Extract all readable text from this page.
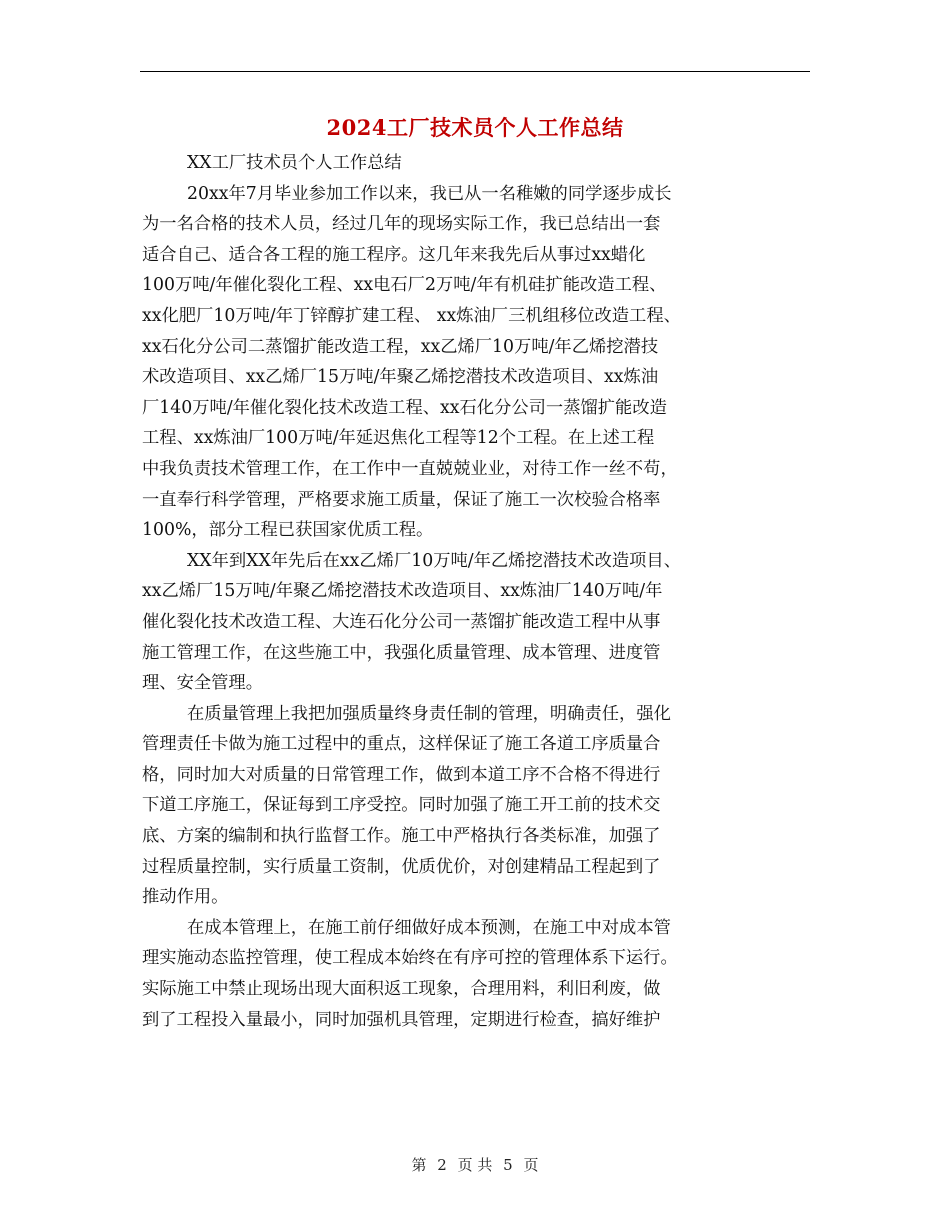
2024工厂技术员个人工作总结
XX工厂技术员个人工作总结
20xx年7月毕业参加工作以来，我已从一名稚嫩的同学逐步成长
为一名合格的技术人员，经过几年的现场实际工作，我已总结出一套
适合自己、适合各工程的施工程序。这几年来我先后从事过xx蜡化
100万吨/年催化裂化工程、xx电石厂2万吨/年有机硅扩能改造工程、
xx化肥厂10万吨/年丁锌醇扩建工程、 xx炼油厂三机组移位改造工程、
xx石化分公司二蒸馏扩能改造工程，xx乙烯厂10万吨/年乙烯挖潜技
术改造项目、xx乙烯厂15万吨/年聚乙烯挖潜技术改造项目、xx炼油
厂140万吨/年催化裂化技术改造工程、xx石化分公司一蒸馏扩能改造
工程、xx炼油厂100万吨/年延迟焦化工程等12个工程。在上述工程
中我负责技术管理工作，在工作中一直兢兢业业，对待工作一丝不苟，
一直奉行科学管理，严格要求施工质量，保证了施工一次校验合格率
100%，部分工程已获国家优质工程。
XX年到XX年先后在xx乙烯厂10万吨/年乙烯挖潜技术改造项目、
xx乙烯厂15万吨/年聚乙烯挖潜技术改造项目、xx炼油厂140万吨/年
催化裂化技术改造工程、大连石化分公司一蒸馏扩能改造工程中从事
施工管理工作，在这些施工中，我强化质量管理、成本管理、进度管
理、安全管理。
在质量管理上我把加强质量终身责任制的管理，明确责任，强化
管理责任卡做为施工过程中的重点，这样保证了施工各道工序质量合
格，同时加大对质量的日常管理工作，做到本道工序不合格不得进行
下道工序施工，保证每到工序受控。同时加强了施工开工前的技术交
底、方案的编制和执行监督工作。施工中严格执行各类标准，加强了
过程质量控制，实行质量工资制，优质优价，对创建精品工程起到了
推动作用。
在成本管理上，在施工前仔细做好成本预测，在施工中对成本管
理实施动态监控管理，使工程成本始终在有序可控的管理体系下运行。
实际施工中禁止现场出现大面积返工现象，合理用料，利旧利废，做
到了工程投入量最小，同时加强机具管理，定期进行检查，搞好维护
第 2 页 共 5 页
